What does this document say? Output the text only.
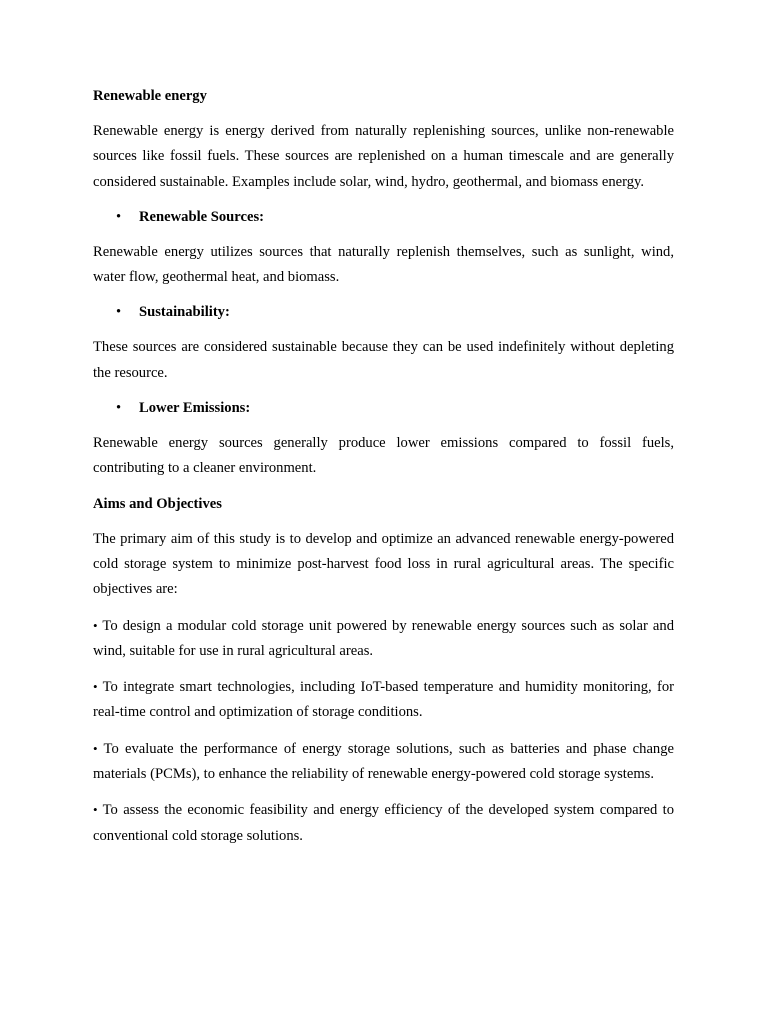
Renewable energy

Renewable energy is energy derived from naturally replenishing sources, unlike non-renewable sources like fossil fuels. These sources are replenished on a human timescale and are generally considered sustainable. Examples include solar, wind, hydro, geothermal, and biomass energy.

• Renewable Sources:

Renewable energy utilizes sources that naturally replenish themselves, such as sunlight, wind, water flow, geothermal heat, and biomass.

• Sustainability:

These sources are considered sustainable because they can be used indefinitely without depleting the resource.

• Lower Emissions:

Renewable energy sources generally produce lower emissions compared to fossil fuels, contributing to a cleaner environment.

Aims and Objectives

The primary aim of this study is to develop and optimize an advanced renewable energy-powered cold storage system to minimize post-harvest food loss in rural agricultural areas. The specific objectives are:

• To design a modular cold storage unit powered by renewable energy sources such as solar and wind, suitable for use in rural agricultural areas.

• To integrate smart technologies, including IoT-based temperature and humidity monitoring, for real-time control and optimization of storage conditions.

• To evaluate the performance of energy storage solutions, such as batteries and phase change materials (PCMs), to enhance the reliability of renewable energy-powered cold storage systems.

• To assess the economic feasibility and energy efficiency of the developed system compared to conventional cold storage solutions.
